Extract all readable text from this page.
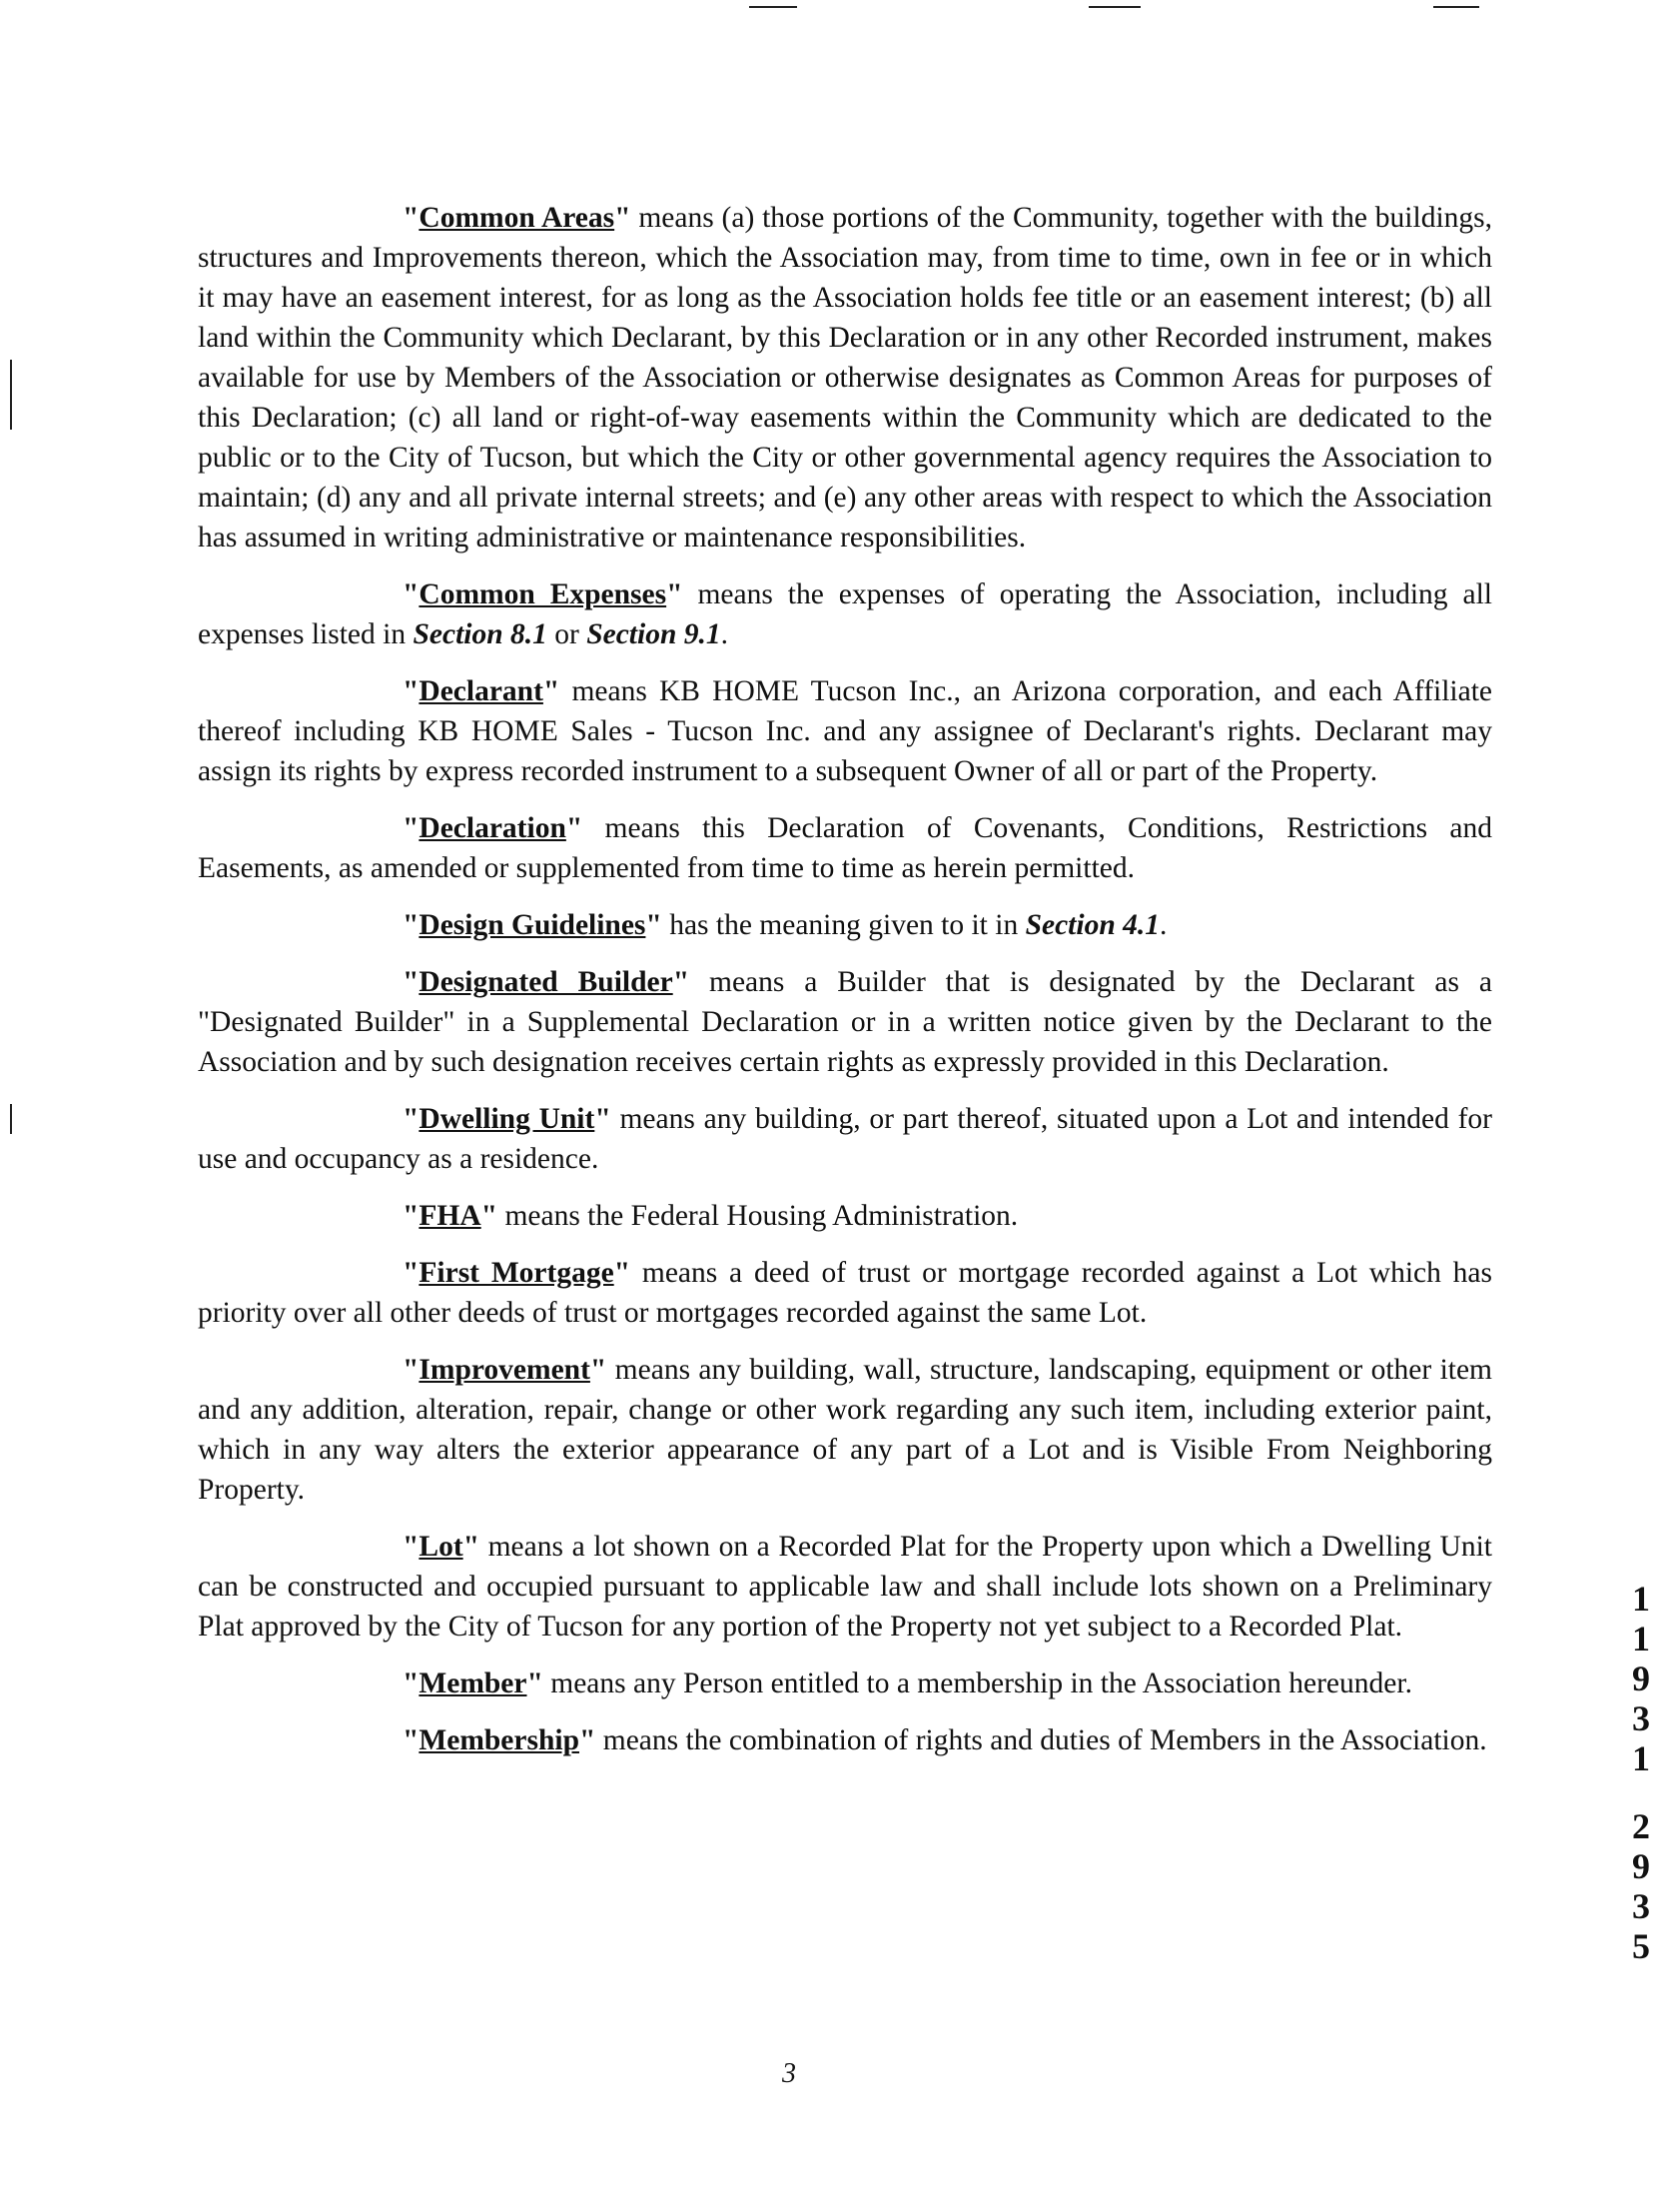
"Common Areas" means (a) those portions of the Community, together with the buildings, structures and Improvements thereon, which the Association may, from time to time, own in fee or in which it may have an easement interest, for as long as the Association holds fee title or an easement interest; (b) all land within the Community which Declarant, by this Declaration or in any other Recorded instrument, makes available for use by Members of the Association or otherwise designates as Common Areas for purposes of this Declaration; (c) all land or right-of-way easements within the Community which are dedicated to the public or to the City of Tucson, but which the City or other governmental agency requires the Association to maintain; (d) any and all private internal streets; and (e) any other areas with respect to which the Association has assumed in writing administrative or maintenance responsibilities.

"Common Expenses" means the expenses of operating the Association, including all expenses listed in Section 8.1 or Section 9.1.

"Declarant" means KB HOME Tucson Inc., an Arizona corporation, and each Affiliate thereof including KB HOME Sales - Tucson Inc. and any assignee of Declarant's rights. Declarant may assign its rights by express recorded instrument to a subsequent Owner of all or part of the Property.

"Declaration" means this Declaration of Covenants, Conditions, Restrictions and Easements, as amended or supplemented from time to time as herein permitted.

"Design Guidelines" has the meaning given to it in Section 4.1.

"Designated Builder" means a Builder that is designated by the Declarant as a "Designated Builder" in a Supplemental Declaration or in a written notice given by the Declarant to the Association and by such designation receives certain rights as expressly provided in this Declaration.

"Dwelling Unit" means any building, or part thereof, situated upon a Lot and intended for use and occupancy as a residence.

"FHA" means the Federal Housing Administration.

"First Mortgage" means a deed of trust or mortgage recorded against a Lot which has priority over all other deeds of trust or mortgages recorded against the same Lot.

"Improvement" means any building, wall, structure, landscaping, equipment or other item and any addition, alteration, repair, change or other work regarding any such item, including exterior paint, which in any way alters the exterior appearance of any part of a Lot and is Visible From Neighboring Property.

"Lot" means a lot shown on a Recorded Plat for the Property upon which a Dwelling Unit can be constructed and occupied pursuant to applicable law and shall include lots shown on a Preliminary Plat approved by the City of Tucson for any portion of the Property not yet subject to a Recorded Plat.

"Member" means any Person entitled to a membership in the Association hereunder.

"Membership" means the combination of rights and duties of Members in the Association.

3
1
1
9
3
1
2
9
3
5
